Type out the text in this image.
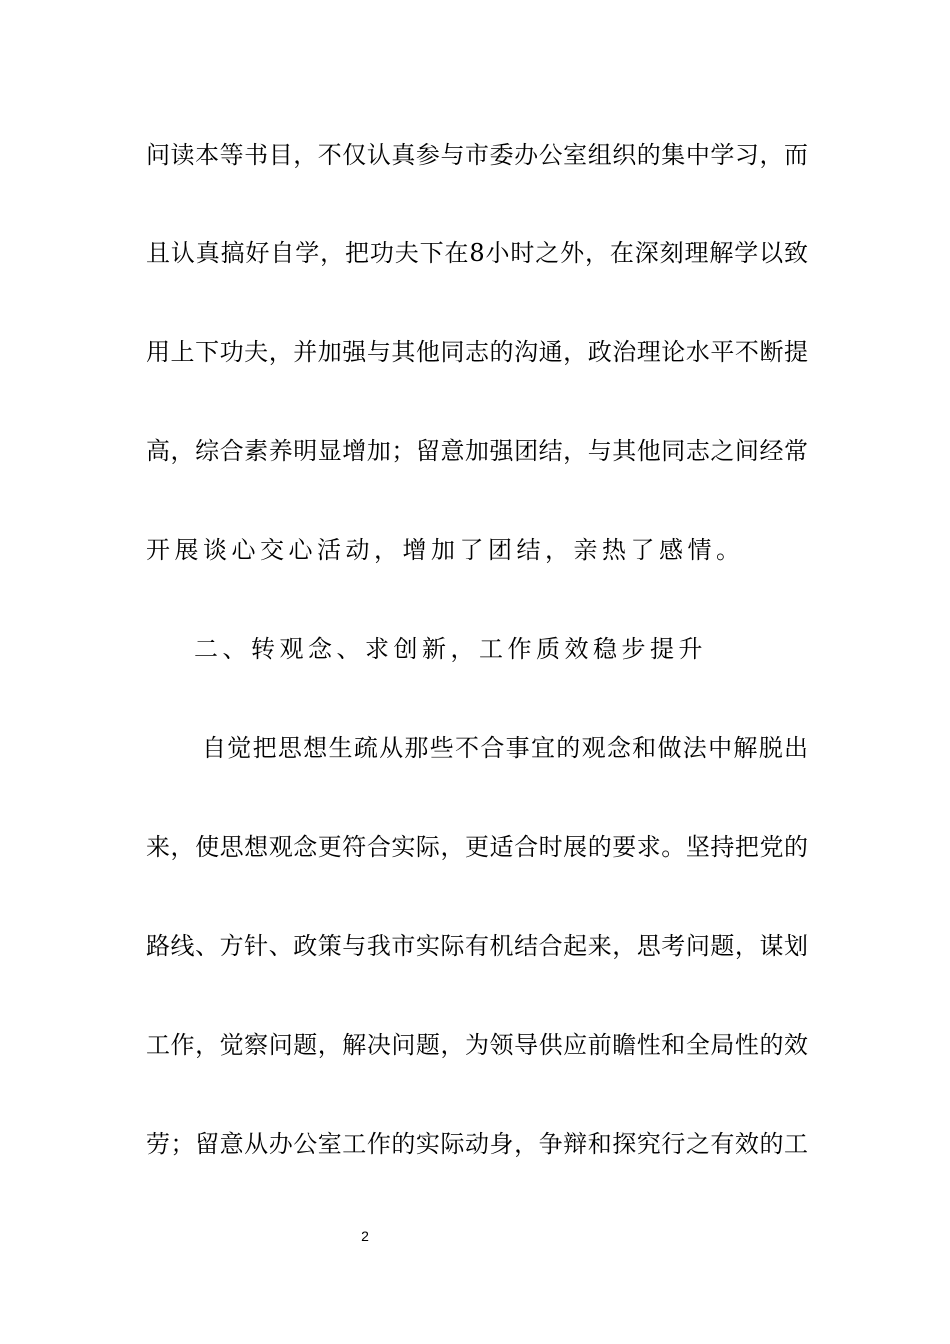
问读本等书目，不仅认真参与市委办公室组织的集中学习，而
且认真搞好自学，把功夫下在8小时之外，在深刻理解学以致
用上下功夫，并加强与其他同志的沟通，政治理论水平不断提
高，综合素养明显增加；留意加强团结，与其他同志之间经常
开展谈心交心活动，增加了团结，亲热了感情。
二、转观念、求创新，工作质效稳步提升
自觉把思想生疏从那些不合事宜的观念和做法中解脱出
来，使思想观念更符合实际，更适合时展的要求。坚持把党的
路线、方针、政策与我市实际有机结合起来，思考问题，谋划
工作，觉察问题，解决问题，为领导供应前瞻性和全局性的效
劳；留意从办公室工作的实际动身，争辩和探究行之有效的工
2
